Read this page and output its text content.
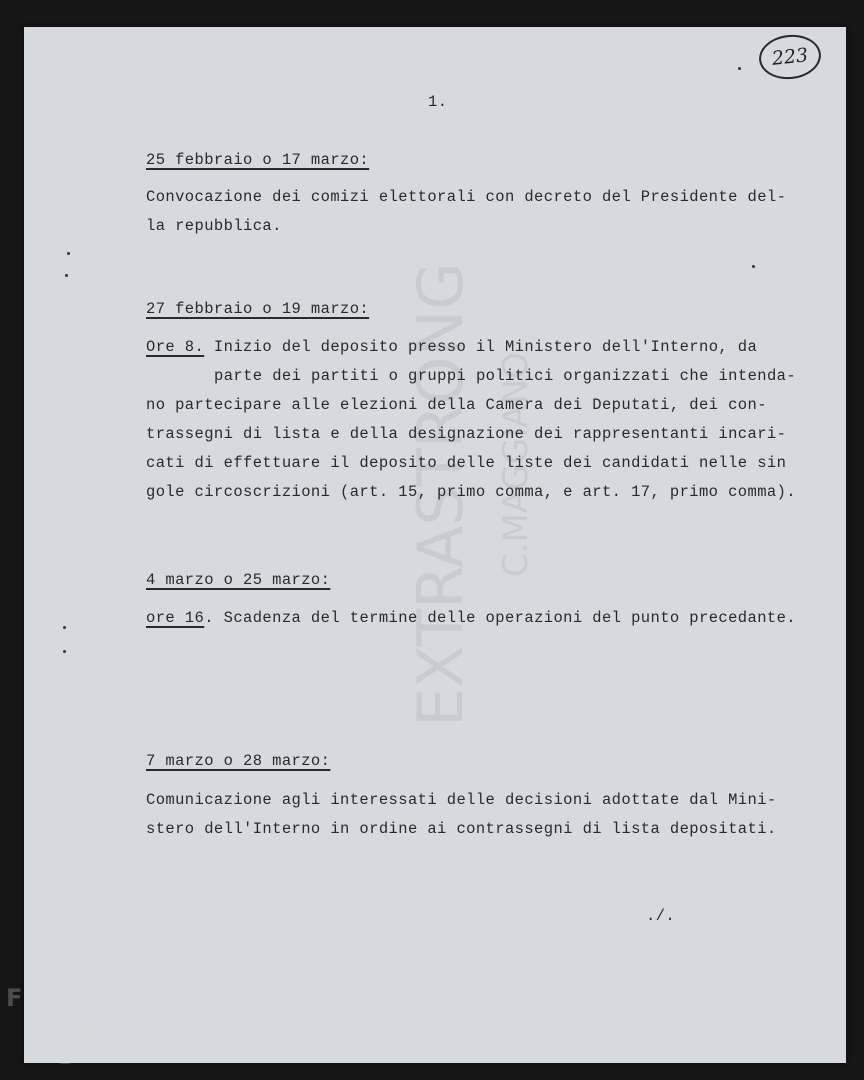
EXTRASTRONG C.MAGGIANO
223
1.
25 febbraio o 17 marzo:
Convocazione dei comizi elettorali con decreto del Presidente del-
la repubblica.
27 febbraio o 19 marzo:
Ore 8. Inizio del deposito presso il Ministero dell'Interno, da
parte dei partiti o gruppi politici organizzati che intenda-
no partecipare alle elezioni della Camera dei Deputati, dei con-
trassegni di lista e della designazione dei rappresentanti incari-
cati di effettuare il deposito delle liste dei candidati nelle sin
gole circoscrizioni (art. 15, primo comma, e art. 17, primo comma).
4 marzo o 25 marzo:
ore 16. Scadenza del termine delle operazioni del punto precedante.
7 marzo o 28 marzo:
Comunicazione agli interessati delle decisioni adottate dal Mini-
stero dell'Interno in ordine ai contrassegni di lista depositati.
./.
FONDAZIONE
RAMSCI
onlus
